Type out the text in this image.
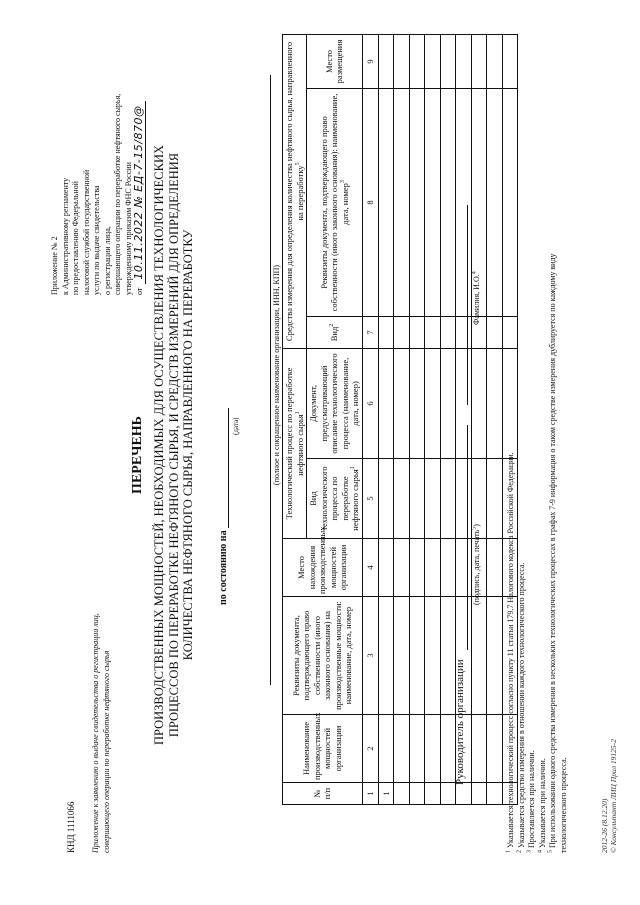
КНД 1111066 Приложение к заявлению о выдаче свидетельства о регистрации лиц, совершающего операции по переработке нефтяного сырья
Приложение № 2 к Административному регламенту по предоставлению Федеральной налоговой службой государственной услуги по выдаче свидетельства о регистрации лица, совершающего операции по переработке нефтяного сырья, утвержденному приказом ФНС России от
10.11.2022 № ЕД-7-15/870@
ПЕРЕЧЕНЬ ПРОИЗВОДСТВЕННЫХ МОЩНОСТЕЙ, НЕОБХОДИМЫХ ДЛЯ ОСУЩЕСТВЛЕНИЯ ТЕХНОЛОГИЧЕСКИХ ПРОЦЕССОВ ПО ПЕРЕРАБОТКЕ НЕФТЯНОГО СЫРЬЯ, И СРЕДСТВ ИЗМЕРЕНИЙ ДЛЯ ОПРЕДЕЛЕНИЯ КОЛИЧЕСТВА НЕФТЯНОГО СЫРЬЯ, НАПРАВЛЕННОГО НА ПЕРЕРАБОТКУ по состоянию на
(дата)	(полное и сокращенное наименование организации, ИНН, КПП)
№ п/п	Наименование производственных мощностей организации	Реквизиты документа, подтверждающего право собственности (иного законного основания) на производственные мощности: наименование, дата, номер	Место нахождения производственных мощностей организации	Технологический процесс по переработке нефтяного сырья$^1$		Средства измерения для определения количества нефтяного сырья, направленного на переработку$^5$
				Вид технологического процесса по переработке нефтяного сырья$^1$	Документ, предусматривающий описание технологического процесса (наименование, дата, номер)	Вид$^2$	Реквизиты документа, подтверждающего право собственности (иного законного основания): наименование, дата, номер$^3$	Место размещения
1	2	3	4	5	6	7	8	9
1								

Руководитель организации
(подпись, дата, печать$^5$)
Фамилия, И.О.$^4$
$^1$ Указывается технологический процесс согласно пункту 11 статьи 179.7 Налогового кодекса Российской Федерации.
$^2$ Указывается средство измерения в отношении каждого технологического процесса.
$^3$ Проставляется при наличии.
$^4$ Указывается при наличии.
$^5$ При использовании одного средства измерения в нескольких технологических процессах в графах 7-9 информация о таком средстве измерения дублируется по каждому виду технологического процесса.	2012-26 (8.12.20) © Консультант ЛИЦ Прил 19125-2
